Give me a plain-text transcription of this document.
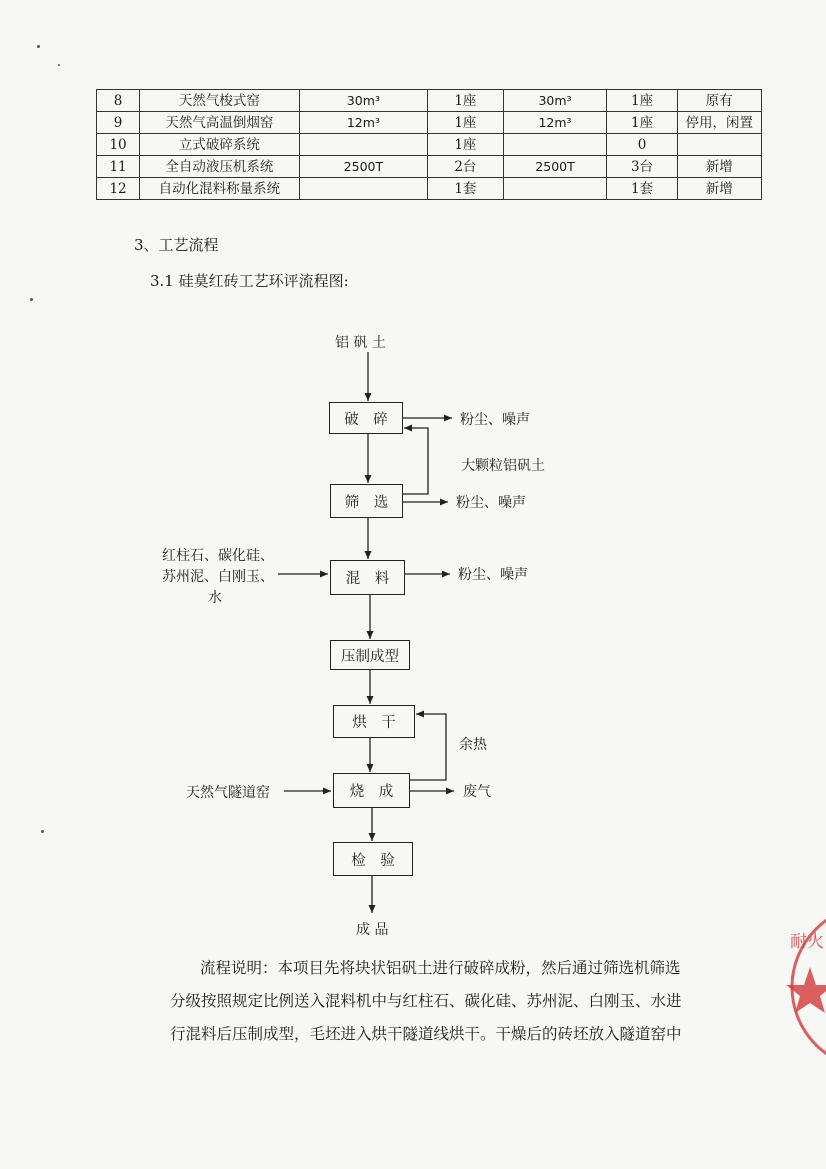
8	天然气梭式窑	30m³	1座	30m³	1座	原有
9	天然气高温倒烟窑	12m³	1座	12m³	1座	停用，闲置
10	立式破碎系统		1座		0	
11	全自动液压机系统	2500T	2台	2500T	3台	新增
12	自动化混料称量系统		1套		1套	新增
3、工艺流程
3.1 硅莫红砖工艺环评流程图:
铝 矾 土
破　碎
筛　选
混　料
压制成型
烘　干
烧　成
检　验
成 品
粉尘、噪声
大颗粒铝矾土
粉尘、噪声
粉尘、噪声
余热
废气
红柱石、碳化硅、
苏州泥、白刚玉、
水
天然气隧道窑

流程说明：本项目先将块状铝矾土进行破碎成粉，然后通过筛选机筛选

分级按照规定比例送入混料机中与红柱石、碳化硅、苏州泥、白刚玉、水进

行混料后压制成型，毛坯进入烘干隧道线烘干。干燥后的砖坯放入隧道窑中

耐火
